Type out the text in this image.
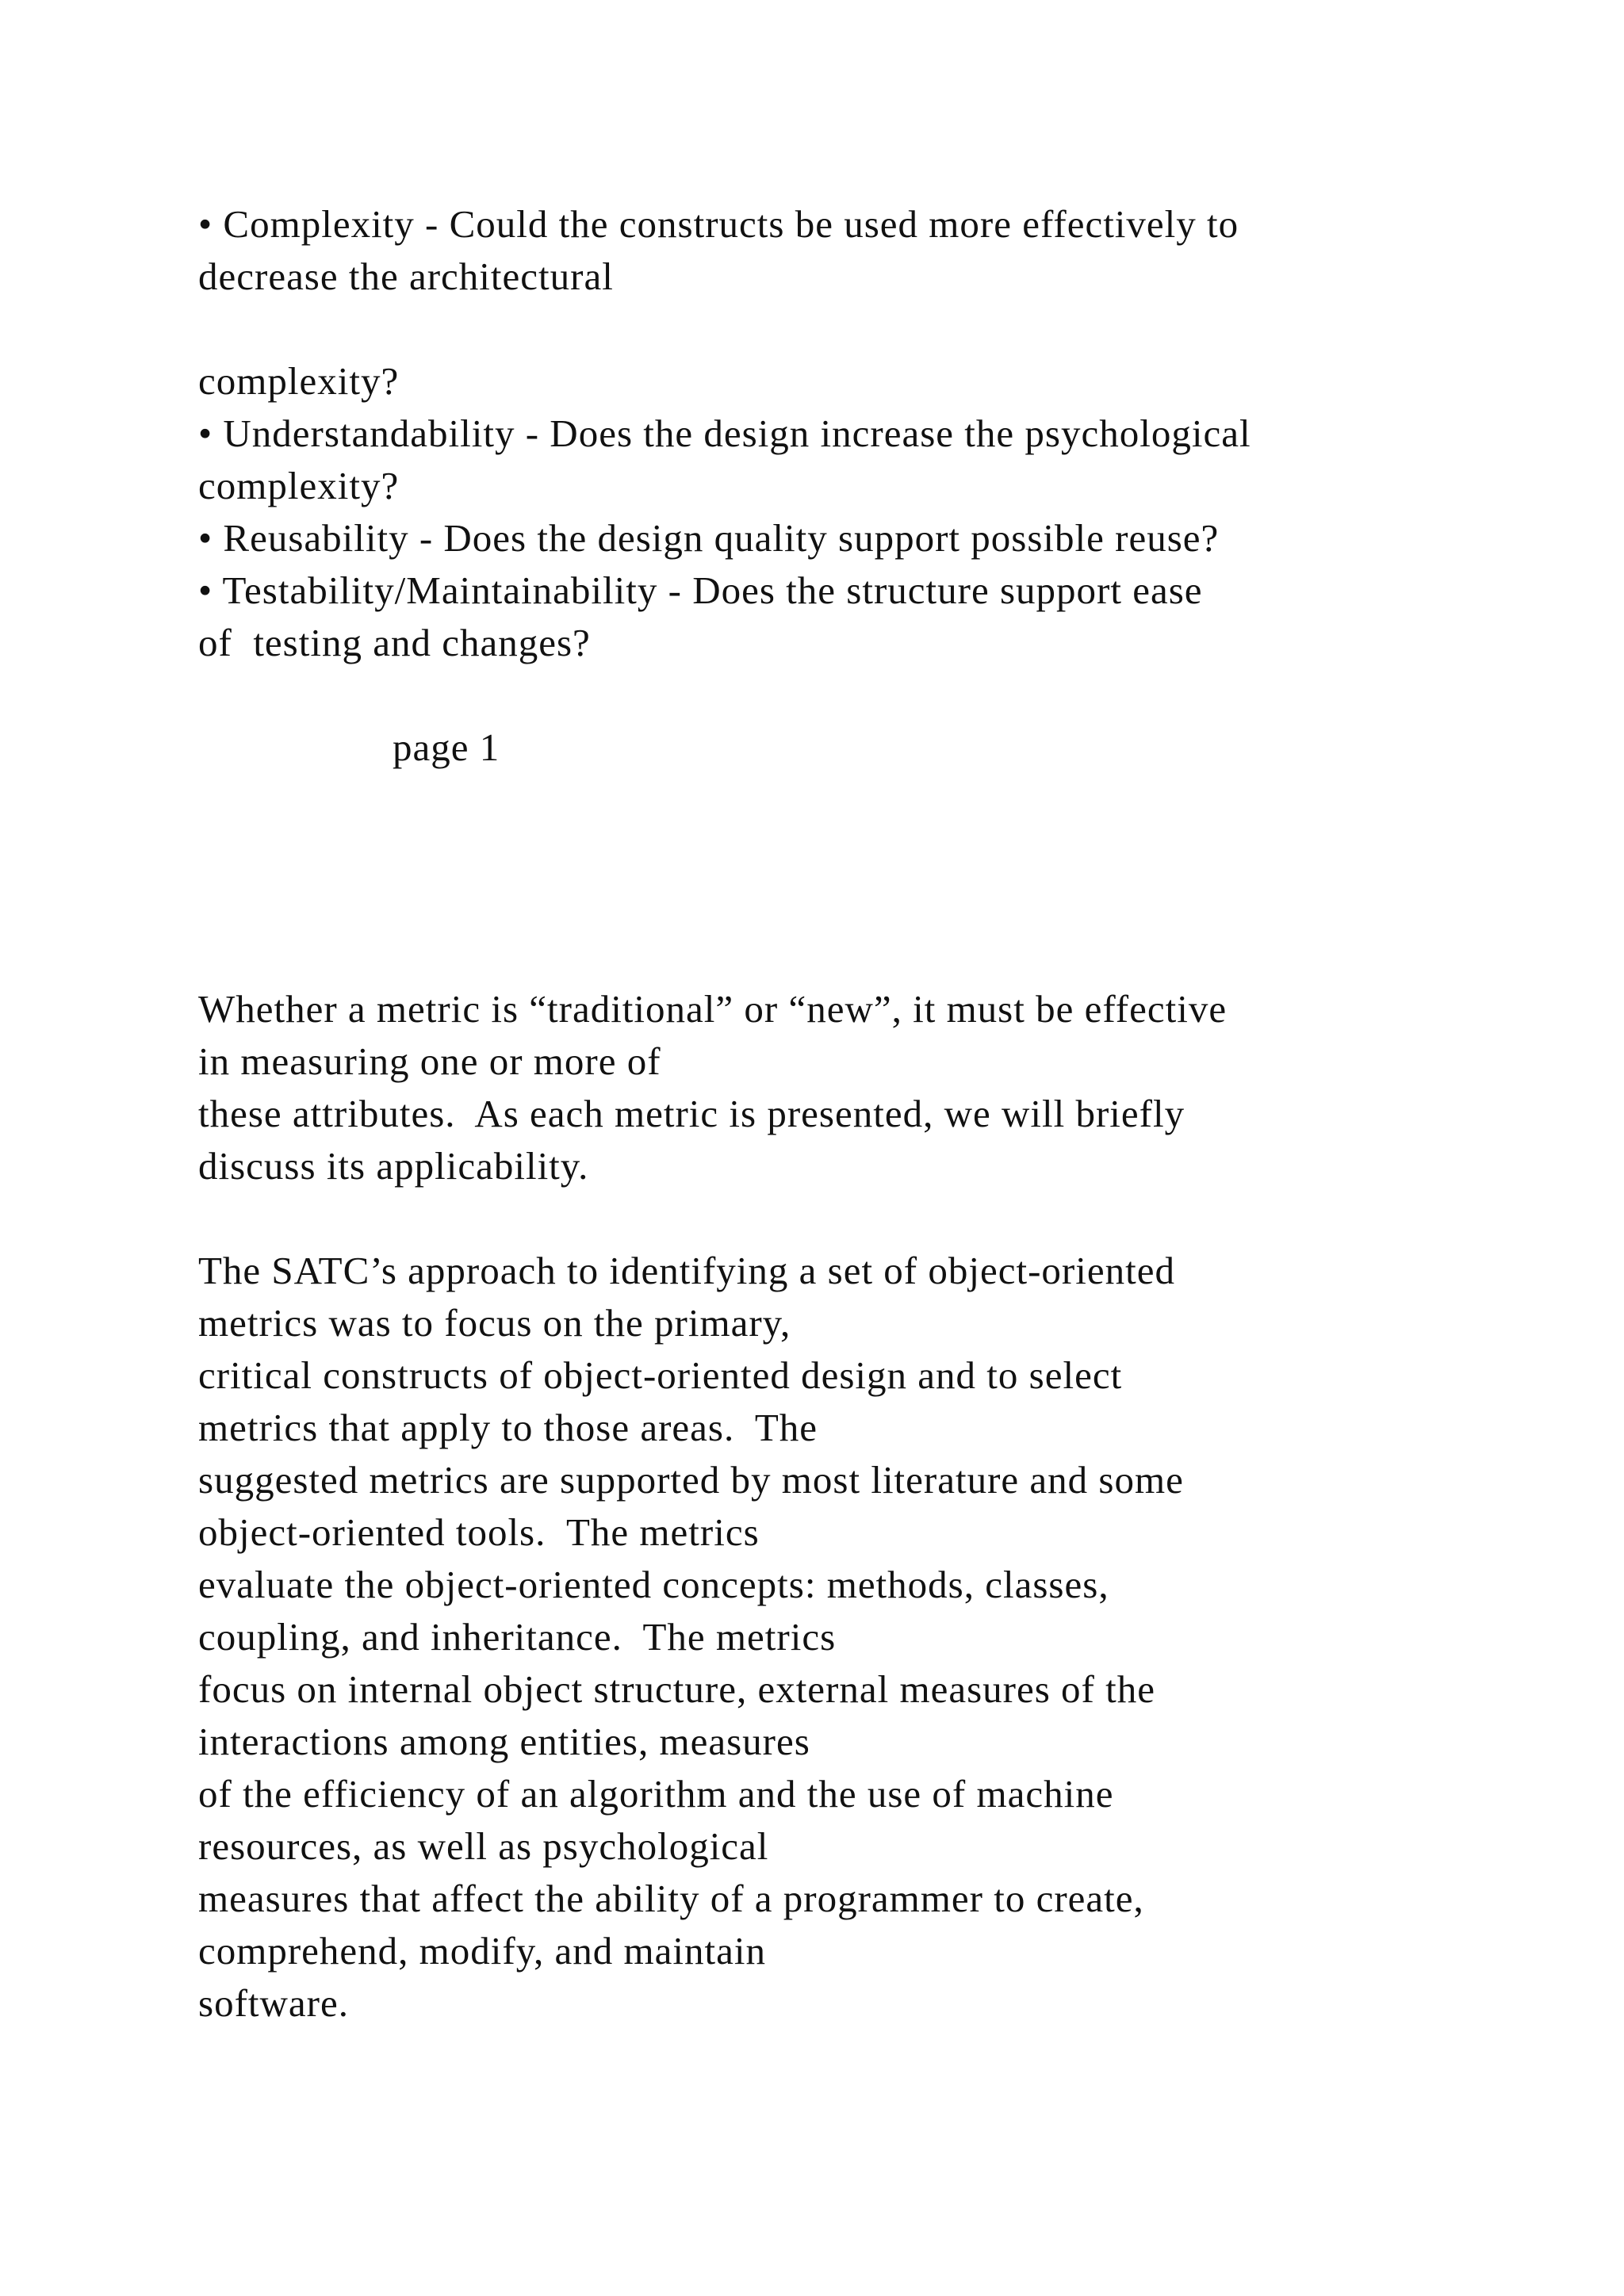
• Complexity - Could the constructs be used more effectively to

decrease the architectural

complexity?

• Understandability - Does the design increase the psychological

complexity?

• Reusability - Does the design quality support possible reuse?

• Testability/Maintainability - Does the structure support ease

of  testing and changes?

page 1

Whether a metric is “traditional” or “new”, it must be effective

in measuring one or more of

these attributes.  As each metric is presented, we will briefly

discuss its applicability.

The SATC’s approach to identifying a set of object-oriented

metrics was to focus on the primary,

critical constructs of object-oriented design and to select

metrics that apply to those areas.  The

suggested metrics are supported by most literature and some

object-oriented tools.  The metrics

evaluate the object-oriented concepts: methods, classes,

coupling, and inheritance.  The metrics

focus on internal object structure, external measures of the

interactions among entities, measures

of the efficiency of an algorithm and the use of machine

resources, as well as psychological

measures that affect the ability of a programmer to create,

comprehend, modify, and maintain

software.
